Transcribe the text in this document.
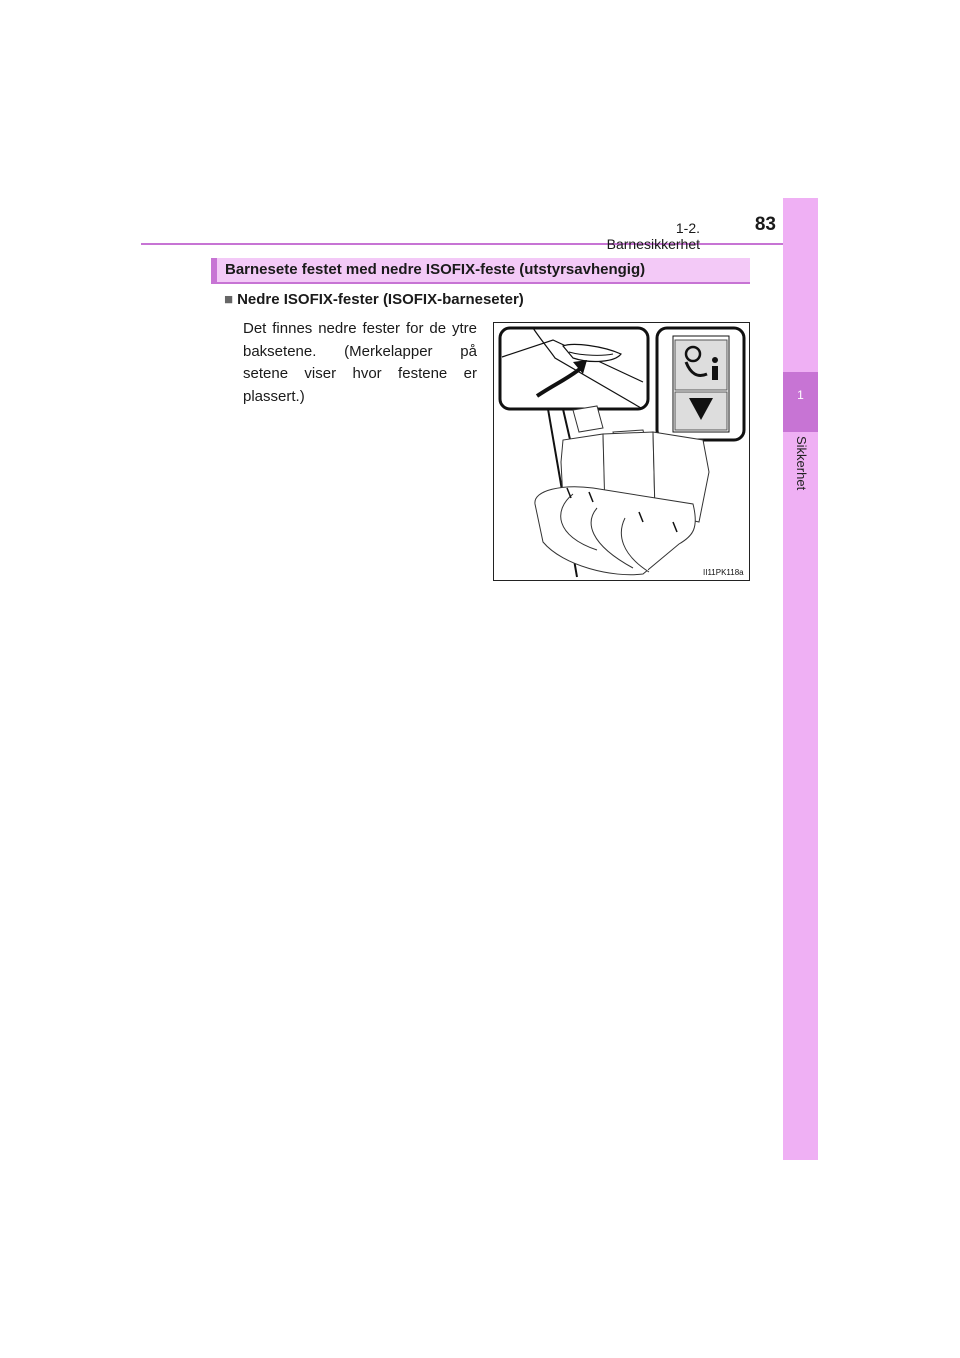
1-2. Barnesikkerhet
83
1
Sikkerhet
Barnesete festet med nedre ISOFIX-feste (utstyrsavhengig)
■ Nedre ISOFIX-fester (ISOFIX-barneseter)
Det finnes nedre fester for de ytre baksetene. (Merkelapper på setene viser hvor festene er plassert.)
II11PK118a
